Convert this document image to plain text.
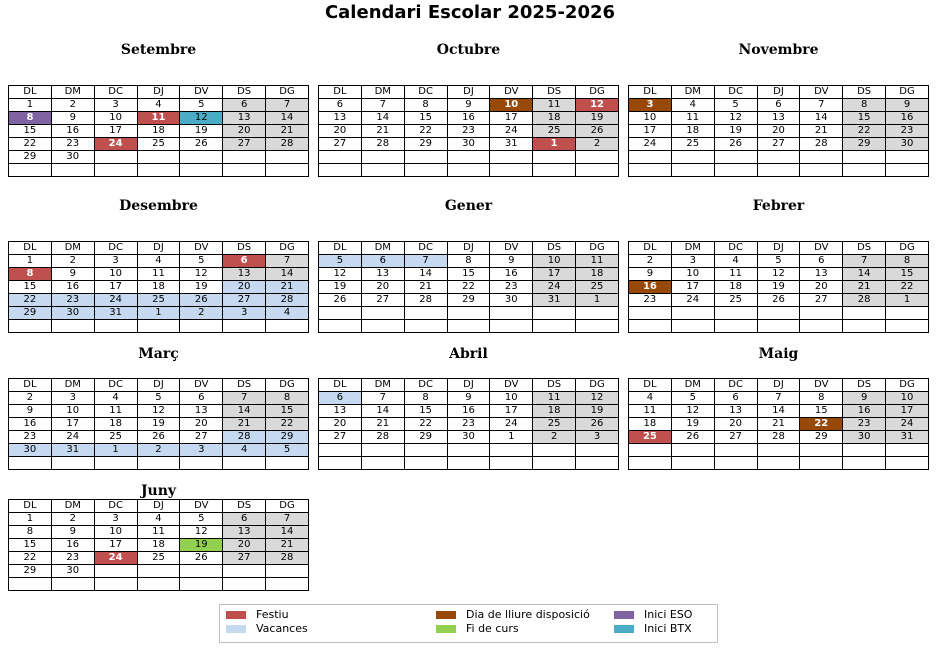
Calendari Escolar 2025-2026
Setembre
DL	DM	DC	DJ	DV	DS	DG
1	2	3	4	5	6	7
8	9	10	11	12	13	14
15	16	17	18	19	20	21
22	23	24	25	26	27	28
29	30					

Octubre
DL	DM	DC	DJ	DV	DS	DG
6	7	8	9	10	11	12
13	14	15	16	17	18	19
20	21	22	23	24	25	26
27	28	29	30	31	1	2

Novembre
DL	DM	DC	DJ	DV	DS	DG
3	4	5	6	7	8	9
10	11	12	13	14	15	16
17	18	19	20	21	22	23
24	25	26	27	28	29	30

Desembre
DL	DM	DC	DJ	DV	DS	DG
1	2	3	4	5	6	7
8	9	10	11	12	13	14
15	16	17	18	19	20	21
22	23	24	25	26	27	28
29	30	31	1	2	3	4

Gener
DL	DM	DC	DJ	DV	DS	DG
5	6	7	8	9	10	11
12	13	14	15	16	17	18
19	20	21	22	23	24	25
26	27	28	29	30	31	1

Febrer
DL	DM	DC	DJ	DV	DS	DG
2	3	4	5	6	7	8
9	10	11	12	13	14	15
16	17	18	19	20	21	22
23	24	25	26	27	28	1

Març
DL	DM	DC	DJ	DV	DS	DG
2	3	4	5	6	7	8
9	10	11	12	13	14	15
16	17	18	19	20	21	22
23	24	25	26	27	28	29
30	31	1	2	3	4	5

Abril
DL	DM	DC	DJ	DV	DS	DG
6	7	8	9	10	11	12
13	14	15	16	17	18	19
20	21	22	23	24	25	26
27	28	29	30	1	2	3

Maig
DL	DM	DC	DJ	DV	DS	DG
4	5	6	7	8	9	10
11	12	13	14	15	16	17
18	19	20	21	22	23	24
25	26	27	28	29	30	31

Juny
DL	DM	DC	DJ	DV	DS	DG
1	2	3	4	5	6	7
8	9	10	11	12	13	14
15	16	17	18	19	20	21
22	23	24	25	26	27	28
29	30					

Festiu
Vacances
Dia de lliure disposició
Fi de curs
Inici ESO
Inici BTX
